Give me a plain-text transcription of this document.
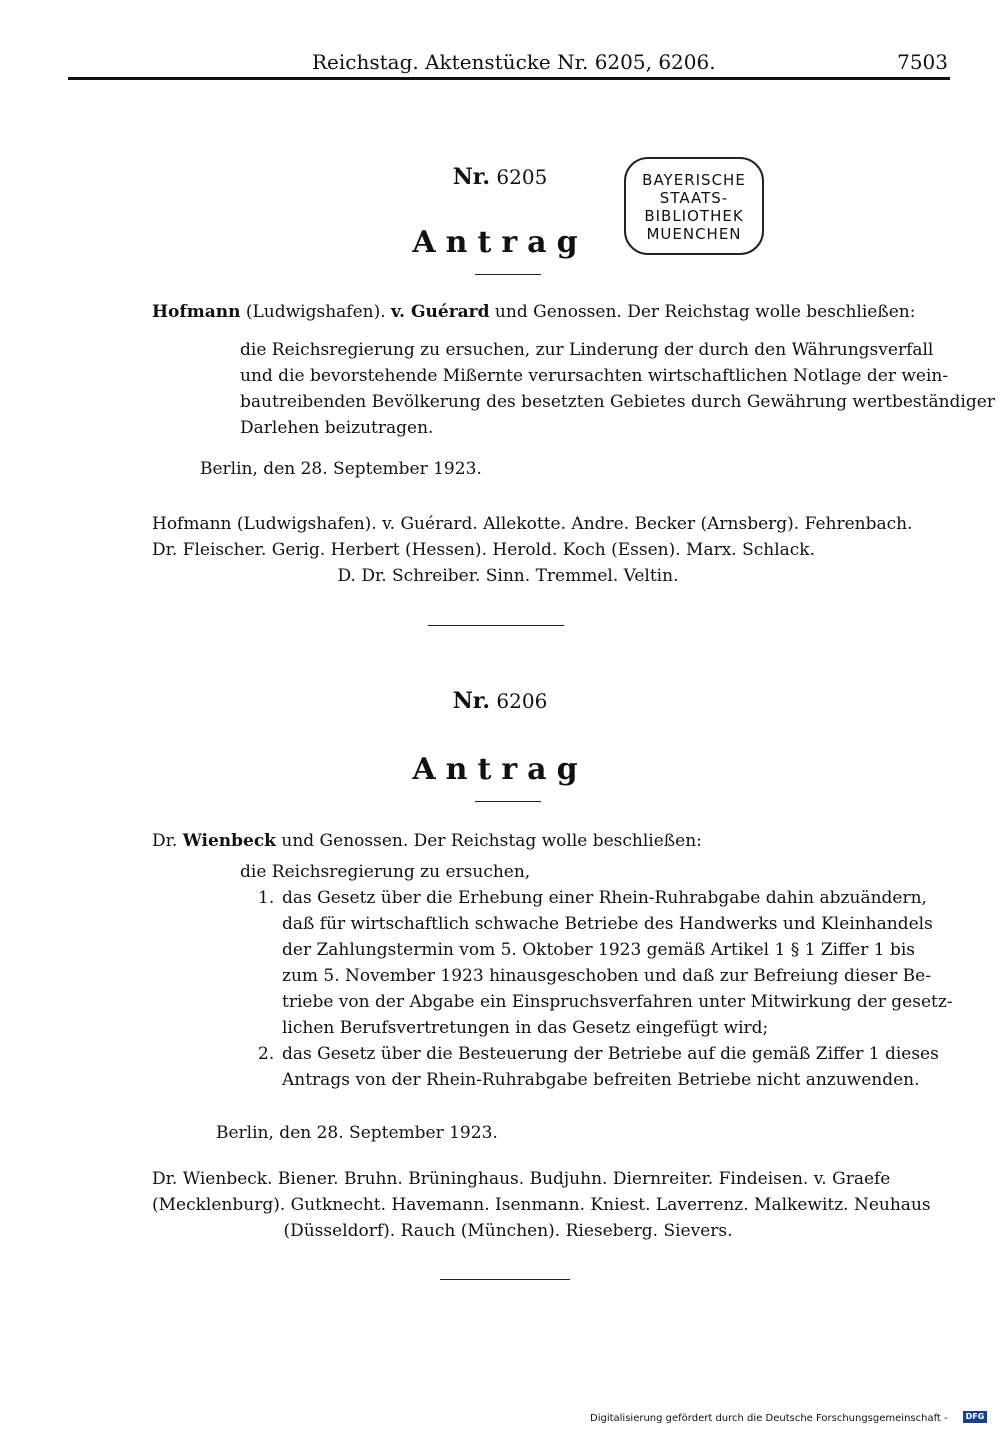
Reichstag. Aktenstücke Nr. 6205, 6206.	7503
BAYERISCHE
STAATS-
BIBLIOTHEK
MUENCHEN
Nr. 6205
Antrag
Hofmann (Ludwigshafen). v. Guérard und Genossen. Der Reichstag wolle beschließen:
die Reichsregierung zu ersuchen, zur Linderung der durch den Währungsverfall
und die bevorstehende Mißernte verursachten wirtschaftlichen Notlage der wein-
bautreibenden Bevölkerung des besetzten Gebietes durch Gewährung wertbeständiger
Darlehen beizutragen.
Berlin, den 28. September 1923.
Hofmann (Ludwigshafen). v. Guérard. Allekotte. Andre. Becker (Arnsberg). Fehrenbach.
Dr. Fleischer. Gerig. Herbert (Hessen). Herold. Koch (Essen). Marx. Schlack.
D. Dr. Schreiber. Sinn. Tremmel. Veltin.
Nr. 6206
Antrag
Dr. Wienbeck und Genossen. Der Reichstag wolle beschließen:
die Reichsregierung zu ersuchen,
1. das Gesetz über die Erhebung einer Rhein-Ruhrabgabe dahin abzuändern,
daß für wirtschaftlich schwache Betriebe des Handwerks und Kleinhandels
der Zahlungstermin vom 5. Oktober 1923 gemäß Artikel 1 § 1 Ziffer 1 bis
zum 5. November 1923 hinausgeschoben und daß zur Befreiung dieser Be-
triebe von der Abgabe ein Einspruchsverfahren unter Mitwirkung der gesetz-
lichen Berufsvertretungen in das Gesetz eingefügt wird;
2. das Gesetz über die Besteuerung der Betriebe auf die gemäß Ziffer 1 dieses
Antrags von der Rhein-Ruhrabgabe befreiten Betriebe nicht anzuwenden.
Berlin, den 28. September 1923.
Dr. Wienbeck. Biener. Bruhn. Brüninghaus. Budjuhn. Diernreiter. Findeisen. v. Graefe
(Mecklenburg). Gutknecht. Havemann. Isenmann. Kniest. Laverrenz. Malkewitz. Neuhaus
(Düsseldorf). Rauch (München). Rieseberg. Sievers.
Digitalisierung gefördert durch die Deutsche Forschungsgemeinschaft -	DFG
